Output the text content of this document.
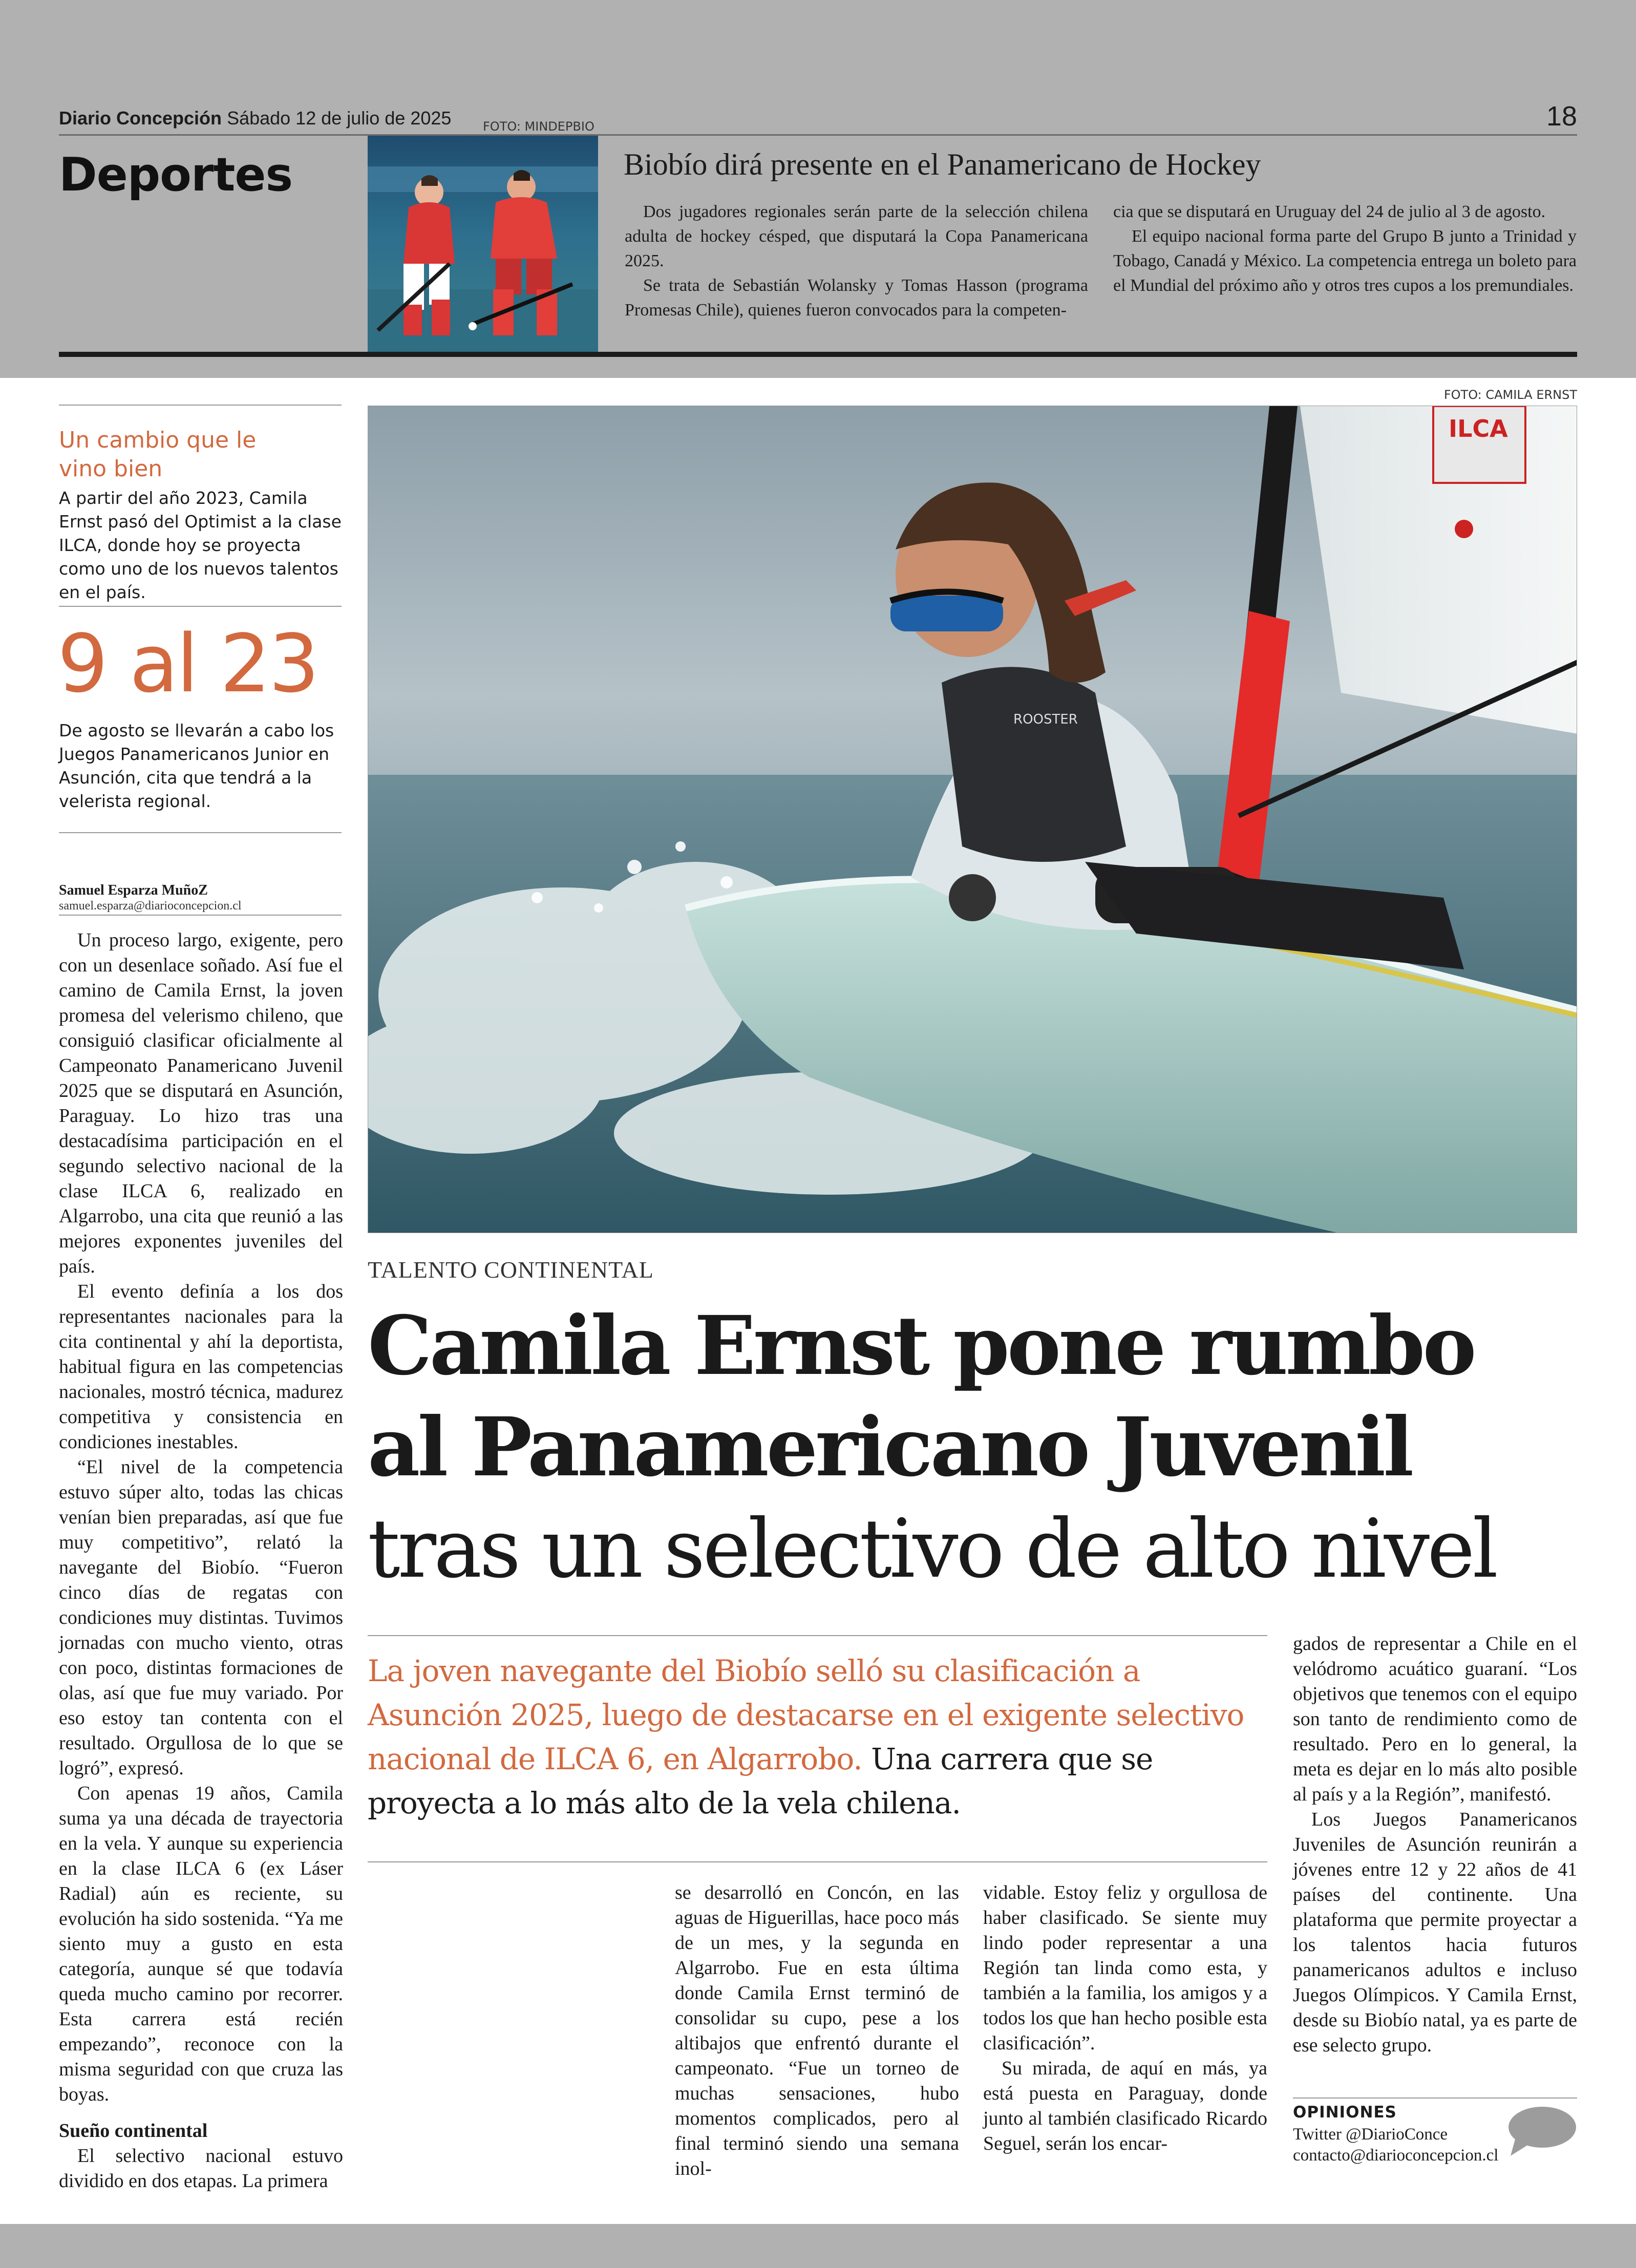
Diario Concepción Sábado 12 de julio de 2025	18
Deportes
FOTO: MINDEPBIO
Biobío dirá presente en el Panamericano de Hockey

Dos jugadores regionales serán parte de la selección chilena adulta de hockey césped, que disputará la Copa Panamericana 2025.

Se trata de Sebastián Wolansky y Tomas Hasson (programa Promesas Chile), quienes fueron convocados para la competen-

cia que se disputará en Uruguay del 24 de julio al 3 de agosto.

El equipo nacional forma parte del Grupo B junto a Trinidad y Tobago, Canadá y México. La competencia entrega un boleto para el Mundial del próximo año y otros tres cupos a los premundiales.

FOTO: CAMILA ERNST
ILCA
ROOSTER
Un cambio que le vino bien
A partir del año 2023, Camila Ernst pasó del Optimist a la clase ILCA, donde hoy se proyecta como uno de los nuevos talentos en el país.
9 al 23
De agosto se llevarán a cabo los Juegos Panamericanos Junior en Asunción, cita que tendrá a la velerista regional.
Samuel Esparza MuñoZ
samuel.esparza@diarioconcepcion.cl

Un proceso largo, exigente, pero con un desenlace soñado. Así fue el camino de Camila Ernst, la joven promesa del velerismo chileno, que consiguió clasificar oficialmente al Campeonato Panamericano Juvenil 2025 que se disputará en Asunción, Paraguay. Lo hizo tras una destacadísima participación en el segundo selectivo nacional de la clase ILCA 6, realizado en Algarrobo, una cita que reunió a las mejores exponentes juveniles del país.

El evento definía a los dos representantes nacionales para la cita continental y ahí la deportista, habitual figura en las competencias nacionales, mostró técnica, madurez competitiva y consistencia en condiciones inestables.

“El nivel de la competencia estuvo súper alto, todas las chicas venían bien preparadas, así que fue muy competitivo”, relató la navegante del Biobío. “Fueron cinco días de regatas con condiciones muy distintas. Tuvimos jornadas con mucho viento, otras con poco, distintas formaciones de olas, así que fue muy variado. Por eso estoy tan contenta con el resultado. Orgullosa de lo que se logró”, expresó.

Con apenas 19 años, Camila suma ya una década de trayectoria en la vela. Y aunque su experiencia en la clase ILCA 6 (ex Láser Radial) aún es reciente, su evolución ha sido sostenida. “Ya me siento muy a gusto en esta categoría, aunque sé que todavía queda mucho camino por recorrer. Esta carrera está recién empezando”, reconoce con la misma seguridad con que cruza las boyas.

Sueño continental

El selectivo nacional estuvo dividido en dos etapas. La primera

TALENTO CONTINENTAL
Camila Ernst pone rumbo al Panamericano Juvenil tras un selectivo de alto nivel
La joven navegante del Biobío selló su clasificación a Asunción 2025, luego de destacarse en el exigente selectivo nacional de ILCA 6, en Algarrobo. Una carrera que se proyecta a lo más alto de la vela chilena.

se desarrolló en Concón, en las aguas de Higuerillas, hace poco más de un mes, y la segunda en Algarrobo. Fue en esta última donde Camila Ernst terminó de consolidar su cupo, pese a los altibajos que enfrentó durante el campeonato. “Fue un torneo de muchas sensaciones, hubo momentos complicados, pero al final terminó siendo una semana inol-

vidable. Estoy feliz y orgullosa de haber clasificado. Se siente muy lindo poder representar a una Región tan linda como esta, y también a la familia, los amigos y a todos los que han hecho posible esta clasificación”.

Su mirada, de aquí en más, ya está puesta en Paraguay, donde junto al también clasificado Ricardo Seguel, serán los encar-

gados de representar a Chile en el velódromo acuático guaraní. “Los objetivos que tenemos con el equipo son tanto de rendimiento como de resultado. Pero en lo general, la meta es dejar en lo más alto posible al país y a la Región”, manifestó.

Los Juegos Panamericanos Juveniles de Asunción reunirán a jóvenes entre 12 y 22 años de 41 países del continente. Una plataforma que permite proyectar a los talentos hacia futuros panamericanos adultos e incluso Juegos Olímpicos. Y Camila Ernst, desde su Biobío natal, ya es parte de ese selecto grupo.

OPINIONES
Twitter @DiarioConce
contacto@diarioconcepcion.cl
